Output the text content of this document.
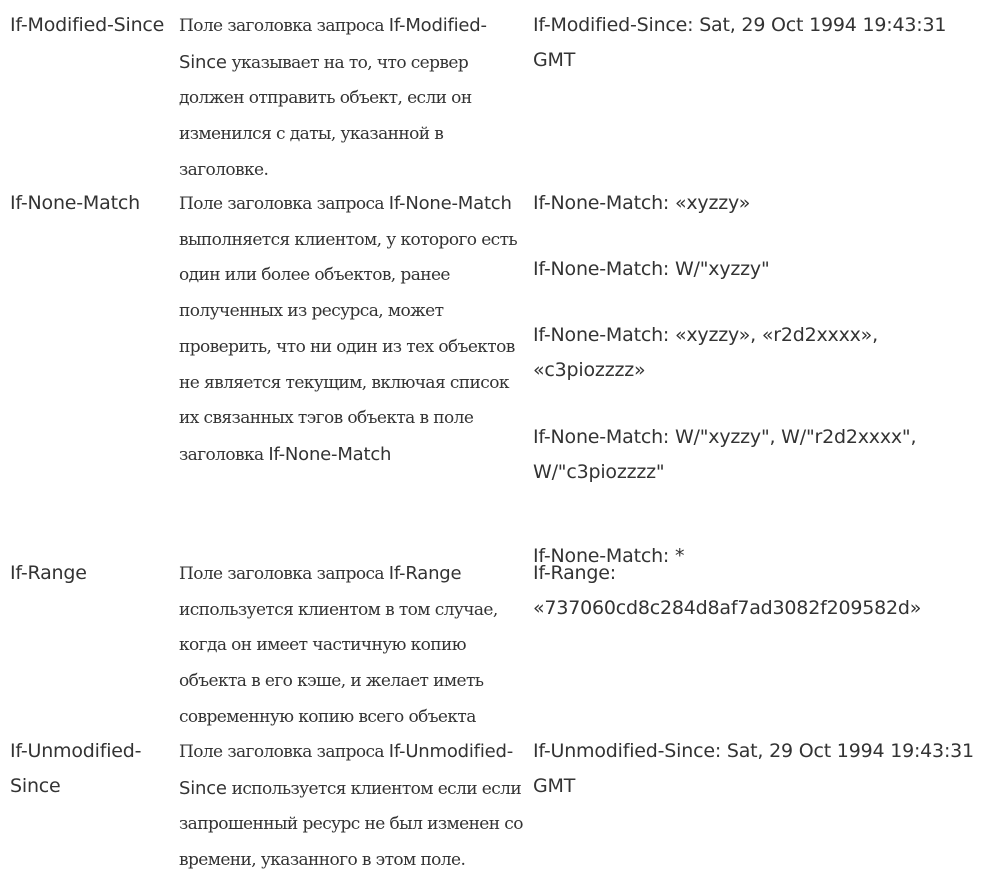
If-Modified-Since Поле заголовка запроса If-Modified-Since указывает на то, что сервер должен отправить объект, если он изменился с даты, указанной в заголовке.
If-Modified-Since: Sat, 29 Oct 1994 19:43:31 GMT
If-None-Match	Поле заголовка запроса If-None-Match выполняется клиентом, у которого есть один или более объектов, ранее полученных из ресурса, может проверить, что ни один из тех объектов не является текущим, включая список их связанных тэгов объекта в поле заголовка If-None-Match
If-None-Match: «xyzzy»
If-None-Match: W/"xyzzy"
If-None-Match: «xyzzy», «r2d2xxxx», «c3piozzzz»
If-None-Match: W/"xyzzy", W/"r2d2xxxx", W/"c3piozzzz"
If-None-Match: *
If-Range	Поле заголовка запроса If-Range используется клиентом в том случае, когда он имеет частичную копию объекта в его кэше, и желает иметь современную копию всего объекта
If-Range: «737060cd8c284d8af7ad3082f209582d»
If-Unmodified-Since
Поле заголовка запроса If-Unmodified-Since используется клиентом если если запрошенный ресурс не был изменен со времени, указанного в этом поле.
If-Unmodified-Since: Sat, 29 Oct 1994 19:43:31 GMT
